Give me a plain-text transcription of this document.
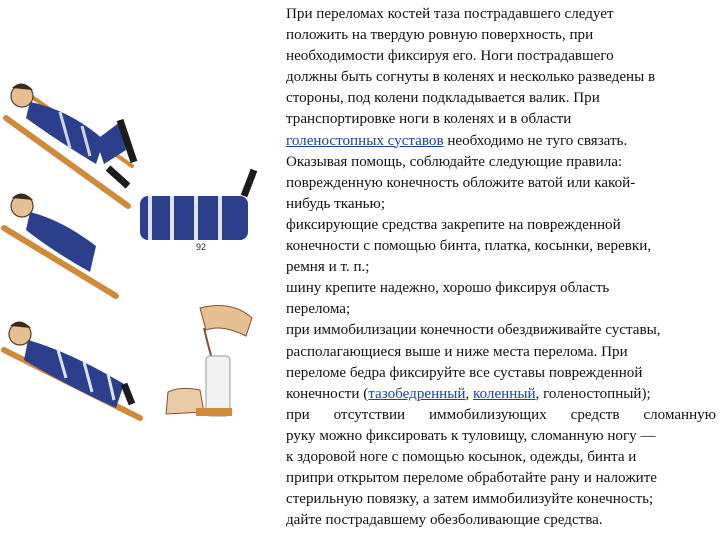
92
При переломах костей таза пострадавшего следует
положить на твердую ровную поверхность, при
необходимости фиксируя его. Ноги пострадавшего
должны быть согнуты в коленях и несколько разведены в
стороны, под колени подкладывается валик. При
транспортировке ноги в коленях и в области
голеностопных суставов необходимо не туго связать.
Оказывая помощь, соблюдайте следующие правила:
поврежденную конечность обложите ватой или какой-
нибудь тканью;
фиксирующие средства закрепите на поврежденной
конечности с помощью бинта, платка, косынки, веревки,
ремня и т. п.;
шину крепите надежно, хорошо фиксируя область
перелома;
при иммобилизации конечности обездвиживайте суставы,
располагающиеся выше и ниже места перелома. При
переломе бедра фиксируйте все суставы поврежденной
конечности (тазобедренный, коленный, голеностопный);
при отсутствии иммобилизующих средств сломанную
руку можно фиксировать к туловищу, сломанную ногу —
к здоровой ноге с помощью косынок, одежды, бинта и
припри открытом переломе обработайте рану и наложите
стерильную повязку, а затем иммобилизуйте конечность;
дайте пострадавшему обезболивающие средства.
